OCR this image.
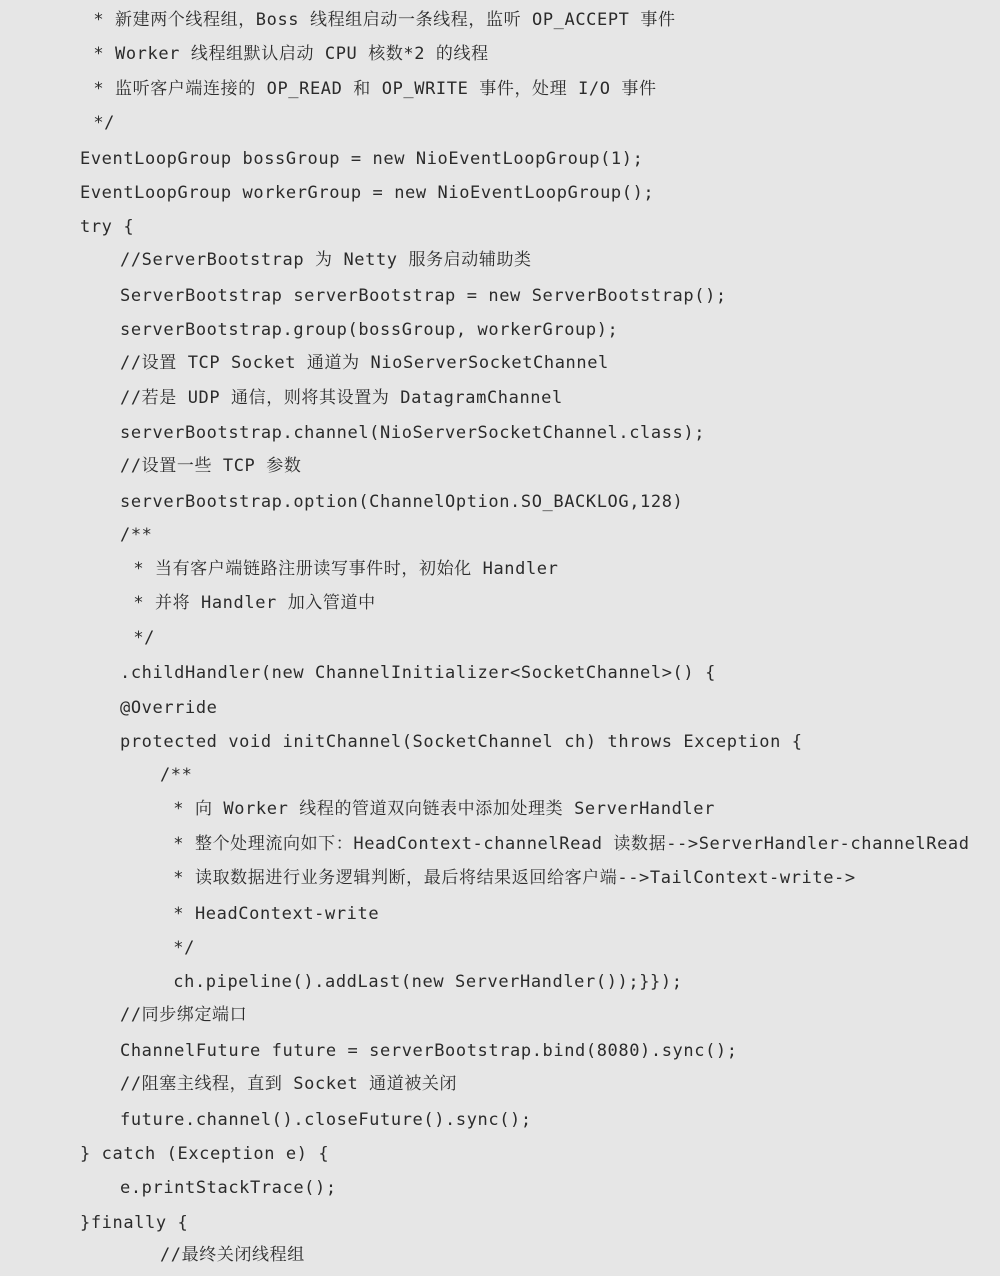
* 新建两个线程组，Boss 线程组启动一条线程，监听 OP_ACCEPT 事件
* Worker 线程组默认启动 CPU 核数*2 的线程
* 监听客户端连接的 OP_READ 和 OP_WRITE 事件，处理 I/O 事件
*/
EventLoopGroup bossGroup = new NioEventLoopGroup(1);
EventLoopGroup workerGroup = new NioEventLoopGroup();
try {
//ServerBootstrap 为 Netty 服务启动辅助类
ServerBootstrap serverBootstrap = new ServerBootstrap();
serverBootstrap.group(bossGroup, workerGroup);
//设置 TCP Socket 通道为 NioServerSocketChannel
//若是 UDP 通信，则将其设置为 DatagramChannel
serverBootstrap.channel(NioServerSocketChannel.class);
//设置一些 TCP 参数
serverBootstrap.option(ChannelOption.SO_BACKLOG,128)
/**
* 当有客户端链路注册读写事件时，初始化 Handler
* 并将 Handler 加入管道中
*/
.childHandler(new ChannelInitializer<SocketChannel>() {
@Override
protected void initChannel(SocketChannel ch) throws Exception {
/**
* 向 Worker 线程的管道双向链表中添加处理类 ServerHandler
* 整个处理流向如下：HeadContext-channelRead 读数据-->ServerHandler-channelRead
* 读取数据进行业务逻辑判断，最后将结果返回给客户端-->TailContext-write->
* HeadContext-write
*/
ch.pipeline().addLast(new ServerHandler());}});
//同步绑定端口
ChannelFuture future = serverBootstrap.bind(8080).sync();
//阻塞主线程，直到 Socket 通道被关闭
future.channel().closeFuture().sync();
} catch (Exception e) {
e.printStackTrace();
}finally {
//最终关闭线程组
